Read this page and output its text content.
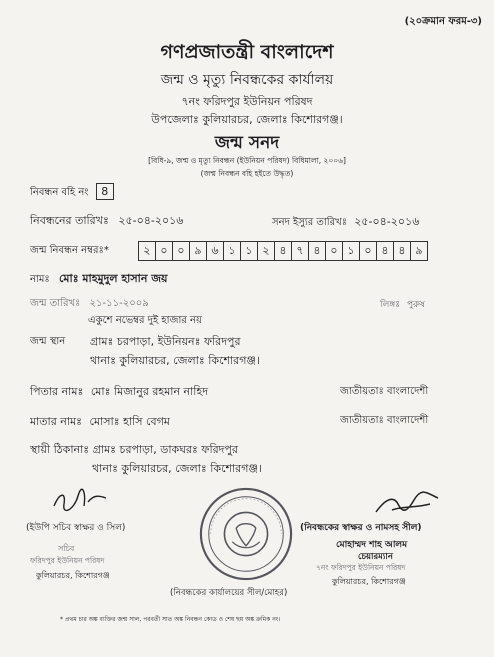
(২০ক্রমান ফরম-৩)
গণপ্রজাতন্ত্রী বাংলাদেশ
জন্ম ও মৃত্যু নিবন্ধকের কার্যালয়
৭নং ফরিদপুর ইউনিয়ন পরিষদ
উপজেলাঃ কুলিয়ারচর, জেলাঃ কিশোরগঞ্জ।
জন্ম সনদ
[বিধি-৯, জন্ম ও মৃত্যু নিবন্ধন (ইউনিয়ন পরিষদ) বিধিমালা, ২০০৬]
(জন্ম নিবন্ধন বহি হইতে উদ্ধৃত)
নিবন্ধন বহি নং 8
নিবন্ধনের তারিখঃ ২৫-০৪-২০১৬	সনদ ইস্যুর তারিখঃ ২৫-০৪-২০১৬
জন্ম নিবন্ধন নম্বরঃ*	২ ০ ০ ৯ ৬ ১ ১ ২ ৪ ৭ ৪ ০ ১ ০ ৪ ৪ ৯
নামঃ মোঃ মাহমুদুল হাসান জয়
জন্ম তারিখঃ ২১-১১-২০০৯	লিঙ্গঃ পুরুষ
একুশে নভেম্বর দুই হাজার নয়
জন্ম স্থান গ্রামঃ চরপাড়া, ইউনিয়নঃ ফরিদপুর
থানাঃ কুলিয়ারচর, জেলাঃ কিশোরগঞ্জ।
পিতার নামঃ মোঃ মিজানুর রহমান নাহিদ	জাতীয়তাঃ বাংলাদেশী
মাতার নামঃ মোসাঃ হাসি বেগম	জাতীয়তাঃ বাংলাদেশী
স্থায়ী ঠিকানাঃ গ্রামঃ চরপাড়া, ডাকঘরঃ ফরিদপুর
থানাঃ কুলিয়ারচর, জেলাঃ কিশোরগঞ্জ।
(ইউপি সচিব স্বাক্ষর ও সিল)
সচিব
ফরিদপুর ইউনিয়ন পরিষদ
কুলিয়ারচর, কিশোরগঞ্জ
(নিবন্ধকের কার্যালয়ের সীল/মোহর)
(নিবন্ধকের স্বাক্ষর ও নামসহ সীল)
মোহাম্মদ শাহ আলম
চেয়ারম্যান
৭নং ফরিদপুর ইউনিয়ন পরিষদ
কুলিয়ারচর, কিশোরগঞ্জ
* প্রথম চার অঙ্ক ব্যক্তির জন্ম সাল, পরবর্তী সাত অঙ্ক নিবন্ধন কোড ও শেষ ছয় অঙ্ক ক্রমিক নং।
